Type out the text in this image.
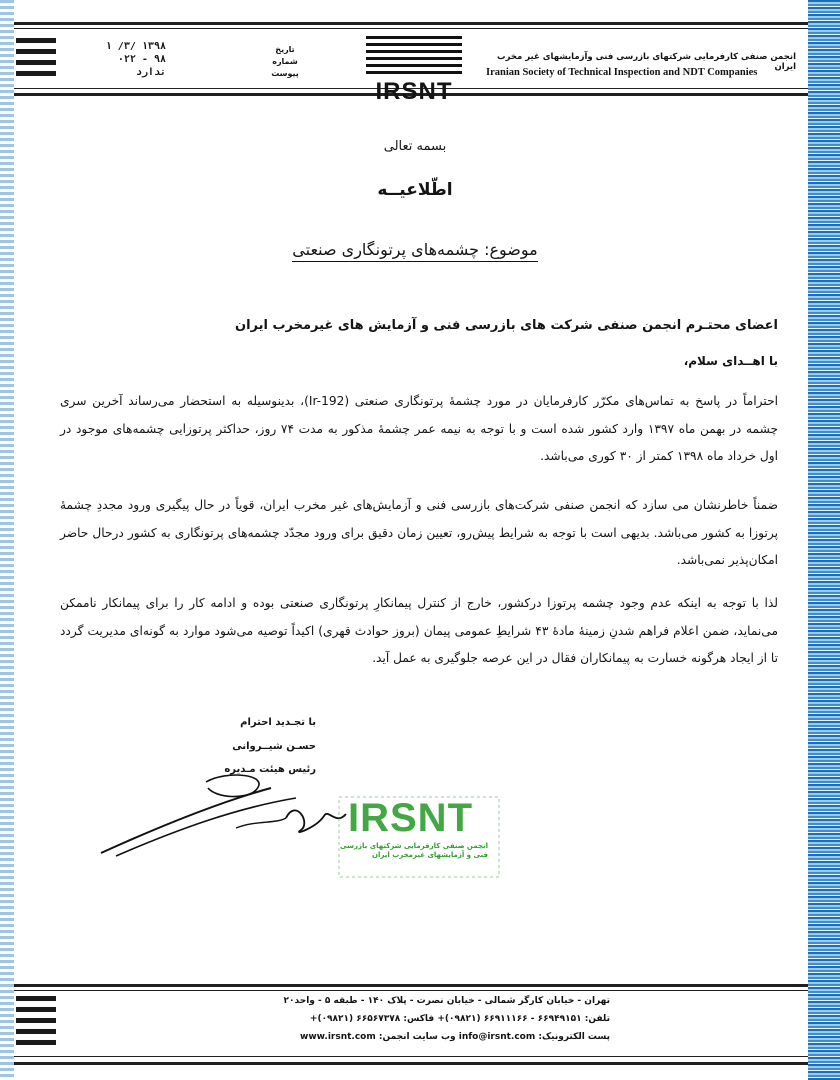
۱۳۹۸ /۳/ ۱
۹۸ - ۰۲۲
ندارد
تاریخ
شماره
پیوست
IRSNT
انجمن صنفی کارفرمایی شرکتهای بازرسی فنی وآزمایشهای غیر مخرب ایران
Iranian Society of Technical Inspection and NDT Companies
بسمه تعالی
اطّلاعیــه
موضوع: چشمه‌های پرتونگاری صنعتی
اعضای محتـرم انجمن صنفی شرکت های بازرسی فنی و آزمایش های غیرمخرب ایران
با اهــدای سلام،
احتراماً در پاسخ به تماس‌های مکرّر کارفرمایان در مورد چشمهٔ پرتونگاری صنعتی (Ir-192)، بدینوسیله به استحضار می‌رساند آخرین سری چشمه در بهمن ماه ۱۳۹۷ وارد کشور شده است و با توجه به نیمه عمر چشمهٔ مذکور به مدت ۷۴ روز، حداکثر پرتوزایی چشمه‌های موجود در اول خرداد ماه ۱۳۹۸ کمتر از ۳۰ کوری می‌باشد.
ضمناً خاطرنشان می سازد که انجمن صنفی شرکت‌های بازرسی فنی و آزمایش‌های غیر مخرب ایران، قویاً در حال پیگیری ورود مجددِ چشمهٔ پرتوزا به کشور می‌باشد. بدیهی است با توجه به شرایط پیش‌رو، تعیین زمان دقیق برای ورود مجدّد چشمه‌های پرتونگاری به کشور درحال حاضر امکان‌پذیر نمی‌باشد.
لذا با توجه به اینکه عدم وجود چشمه پرتوزا درکشور، خارج از کنترل پیمانکارِ پرتونگاری صنعتی بوده و ادامه کار را برای پیمانکار ناممکن می‌نماید، ضمن اعلام فراهم شدنِ زمینهٔ مادهٔ ۴۳ شرایطِ عمومی پیمان (بروز حوادث قهری) اکیداً توصیه می‌شود موارد به گونه‌ای مدیریت گردد تا از ایجاد هرگونه خسارت به پیمانکاران فقال در این عرصه جلوگیری به عمل آید.
با تجـدید احترام
حسـن شیــروانی
رئیس هیئت مـدیره
IRSNT
انجمن صنفی کارفرمایی شرکتهای بازرسی فنی و آزمایشهای غیرمخرب ایران
تهران - خیابان کارگر شمالی - خیابان نصرت - پلاک ۱۴۰ - طبقه ۵ - واحد۲۰
تلفن: ۶۶۹۴۹۱۵۱ - ۶۶۹۱۱۱۶۶ (۰۹۸۲۱)+ فاکس: ۶۶۵۶۷۳۷۸ (۰۹۸۲۱)+
پست الکترونیک: info@irsnt.com وب سایت انجمن: www.irsnt.com
